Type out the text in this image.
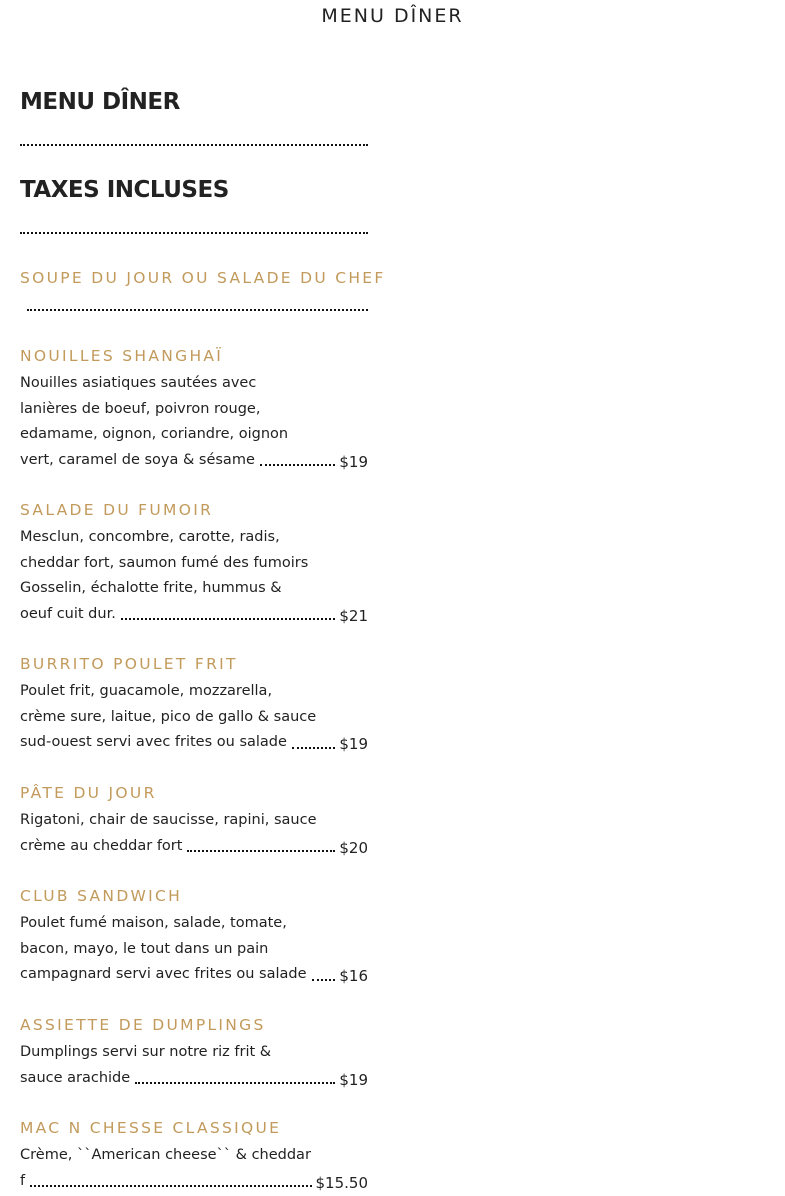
MENU DÎNER
MENU DÎNER
TAXES INCLUSES
SOUPE DU JOUR OU SALADE DU CHEF
NOUILLES SHANGHAÏ
Nouilles asiatiques sautées avec
lanières de boeuf, poivron rouge,
edamame, oignon, coriandre, oignon
vert, caramel de soya & sésame	$19
SALADE DU FUMOIR
Mesclun, concombre, carotte, radis,
cheddar fort, saumon fumé des fumoirs
Gosselin, échalotte frite, hummus &
oeuf cuit dur.	$21
BURRITO POULET FRIT
Poulet frit, guacamole, mozzarella,
crème sure, laitue, pico de gallo & sauce
sud-ouest servi avec frites ou salade	$19
PÂTE DU JOUR
Rigatoni, chair de saucisse, rapini, sauce
crème au cheddar fort	$20
CLUB SANDWICH
Poulet fumé maison, salade, tomate,
bacon, mayo, le tout dans un pain
campagnard servi avec frites ou salade $16
ASSIETTE DE DUMPLINGS
Dumplings servi sur notre riz frit &
sauce arachide	$19
MAC N CHESSE CLASSIQUE
Crème, ``American cheese`` & cheddar
f	$15.50
